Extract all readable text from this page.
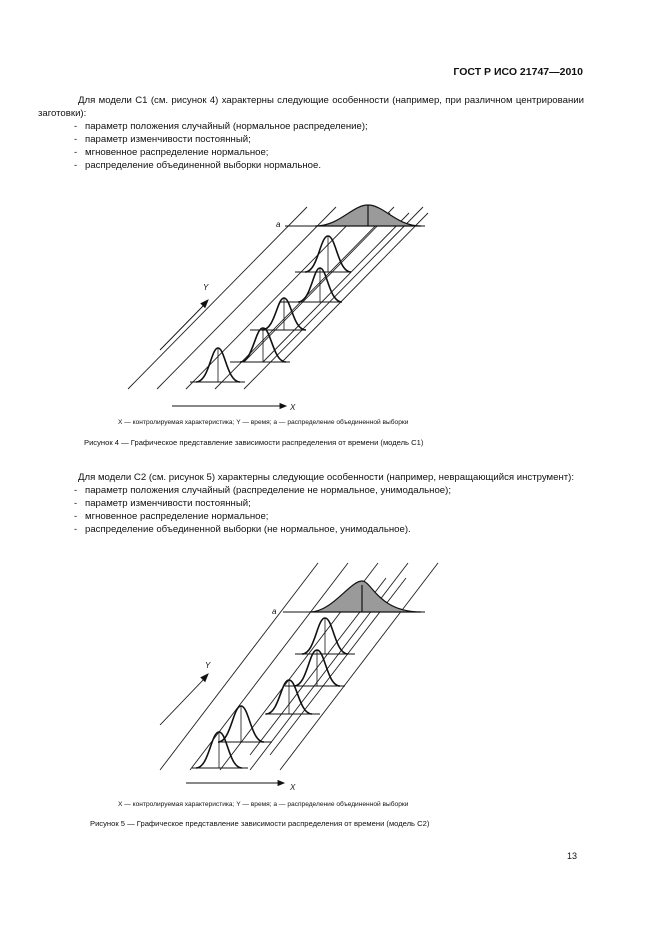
ГОСТ Р ИСО 21747—2010

Для модели C1 (см. рисунок 4) характерны следующие особенности (например, при различном центрировании заготовки):

- параметр положения случайный (нормальное распределение);
- параметр изменчивости постоянный;
- мгновенное распределение нормальное;
- распределение объединенной выборки нормальное.
X
Y
a
X — контролируемая характеристика; Y — время; a — распределение объединенной выборки
Рисунок 4 — Графическое представление зависимости распределения от времени (модель C1)

Для модели C2 (см. рисунок 5) характерны следующие особенности (например, невращающийся инструмент):

- параметр положения случайный (распределение не нормальное, унимодальное);
- параметр изменчивости постоянный;
- мгновенное распределение нормальное;
- распределение объединенной выборки (не нормальное, унимодальное).
X
Y
a
X — контролируемая характеристика; Y — время; a — распределение объединенной выборки
Рисунок 5 — Графическое представление зависимости распределения от времени (модель C2)
13
